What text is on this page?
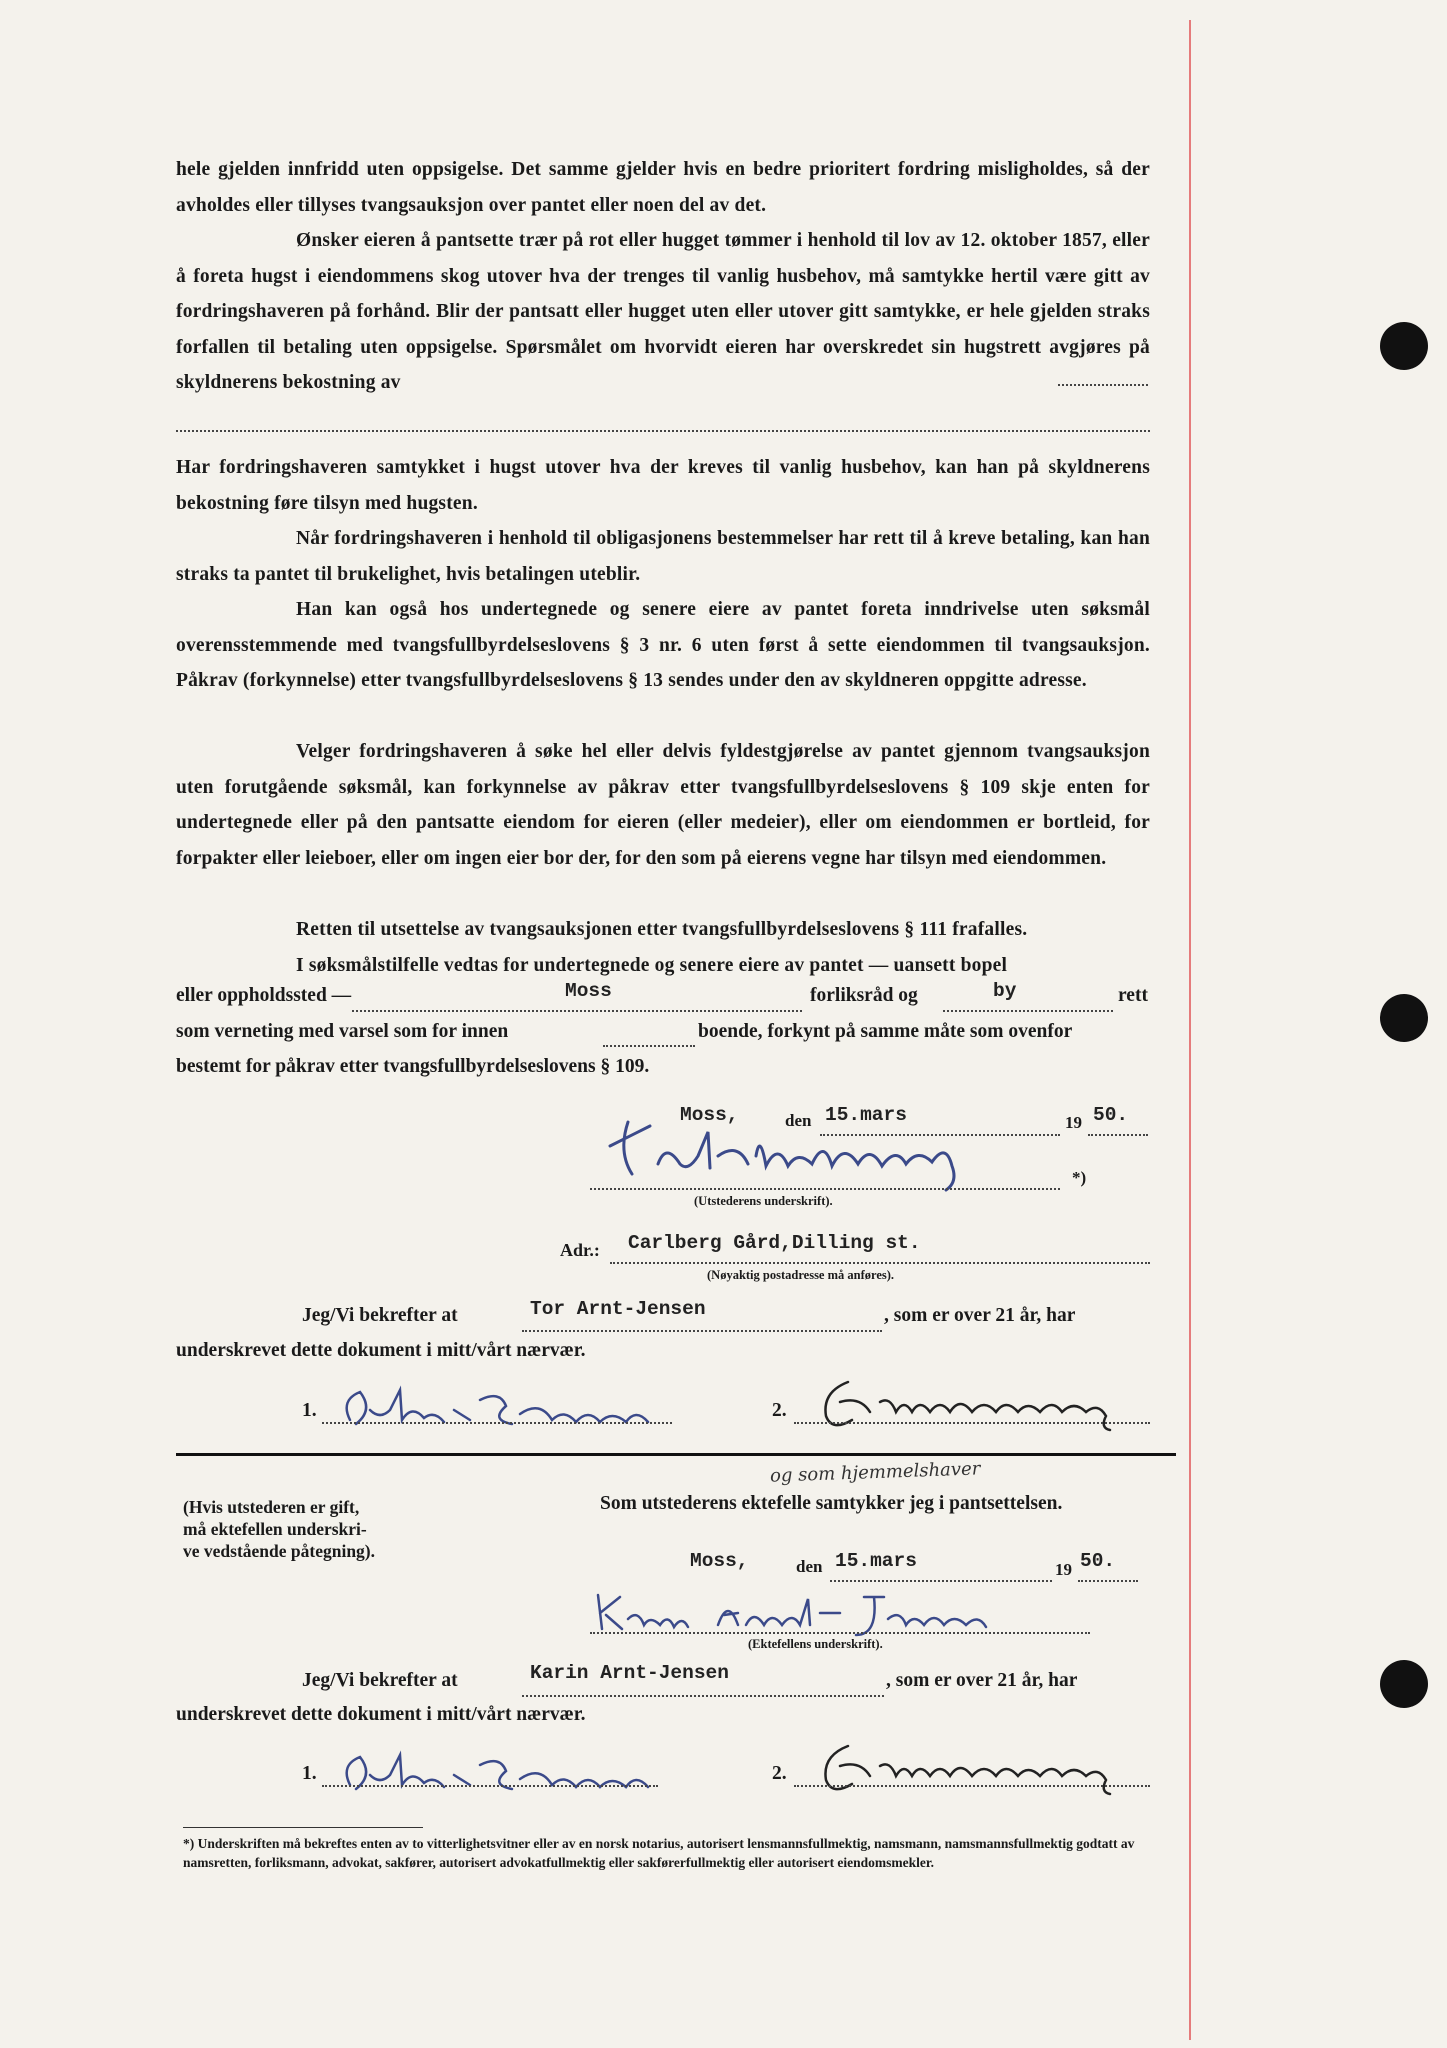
hele gjelden innfridd uten oppsigelse. Det samme gjelder hvis en bedre prioritert fordring misligholdes, så der avholdes eller tillyses tvangsauksjon over pantet eller noen del av det.
Ønsker eieren å pantsette trær på rot eller hugget tømmer i henhold til lov av 12. oktober 1857, eller å foreta hugst i eiendommens skog utover hva der trenges til vanlig husbehov, må samtykke hertil være gitt av fordringshaveren på forhånd. Blir der pantsatt eller hugget uten eller utover gitt samtykke, er hele gjelden straks forfallen til betaling uten oppsigelse. Spørsmålet om hvorvidt eieren har overskredet sin hugstrett avgjøres på skyldnerens bekostning av
Har fordringshaveren samtykket i hugst utover hva der kreves til vanlig husbehov, kan han på skyldnerens bekostning føre tilsyn med hugsten.
Når fordringshaveren i henhold til obligasjonens bestemmelser har rett til å kreve betaling, kan han straks ta pantet til brukelighet, hvis betalingen uteblir.
Han kan også hos undertegnede og senere eiere av pantet foreta inndrivelse uten søksmål overensstemmende med tvangsfullbyrdelseslovens § 3 nr. 6 uten først å sette eiendommen til tvangsauksjon. Påkrav (forkynnelse) etter tvangsfullbyrdelseslovens § 13 sendes under den av skyldneren oppgitte adresse.
Velger fordringshaveren å søke hel eller delvis fyldestgjørelse av pantet gjennom tvangsauksjon uten forutgående søksmål, kan forkynnelse av påkrav etter tvangsfullbyrdelseslovens § 109 skje enten for undertegnede eller på den pantsatte eiendom for eieren (eller medeier), eller om eiendommen er bortleid, for forpakter eller leieboer, eller om ingen eier bor der, for den som på eierens vegne har tilsyn med eiendommen.
Retten til utsettelse av tvangsauksjonen etter tvangsfullbyrdelseslovens § 111 frafalles.
I søksmålstilfelle vedtas for undertegnede og senere eiere av pantet — uansett bopel
eller oppholdssted —	Moss	forliksråd og	by	rett
som verneting med varsel som for innen	boende, forkynt på samme måte som ovenfor
bestemt for påkrav etter tvangsfullbyrdelseslovens § 109.
Moss,	den 15.mars	19 50.
*)
(Utstederens underskrift).
Adr.: Carlberg Gård,Dilling st.
(Nøyaktig postadresse må anføres).
Jeg/Vi bekrefter at	Tor Arnt-Jensen	, som er over 21 år, har
underskrevet dette dokument i mitt/vårt nærvær.
1.	2.
og som hjemmelshaver
Som utstederens ektefelle samtykker jeg i pantsettelsen.
(Hvis utstederen er gift,
må ektefellen underskri-
ve vedstående påtegning).	Moss,	den 15.mars	19 50.
(Ektefellens underskrift).
Jeg/Vi bekrefter at	Karin Arnt-Jensen	, som er over 21 år, har
underskrevet dette dokument i mitt/vårt nærvær.
1.	2.
*) Underskriften må bekreftes enten av to vitterlighetsvitner eller av en norsk notarius, autorisert lensmannsfullmektig, namsmann, namsmannsfullmektig godtatt av namsretten, forliksmann, advokat, sakfører, autorisert advokatfullmektig eller sakførerfullmektig eller autorisert eiendomsmekler.
